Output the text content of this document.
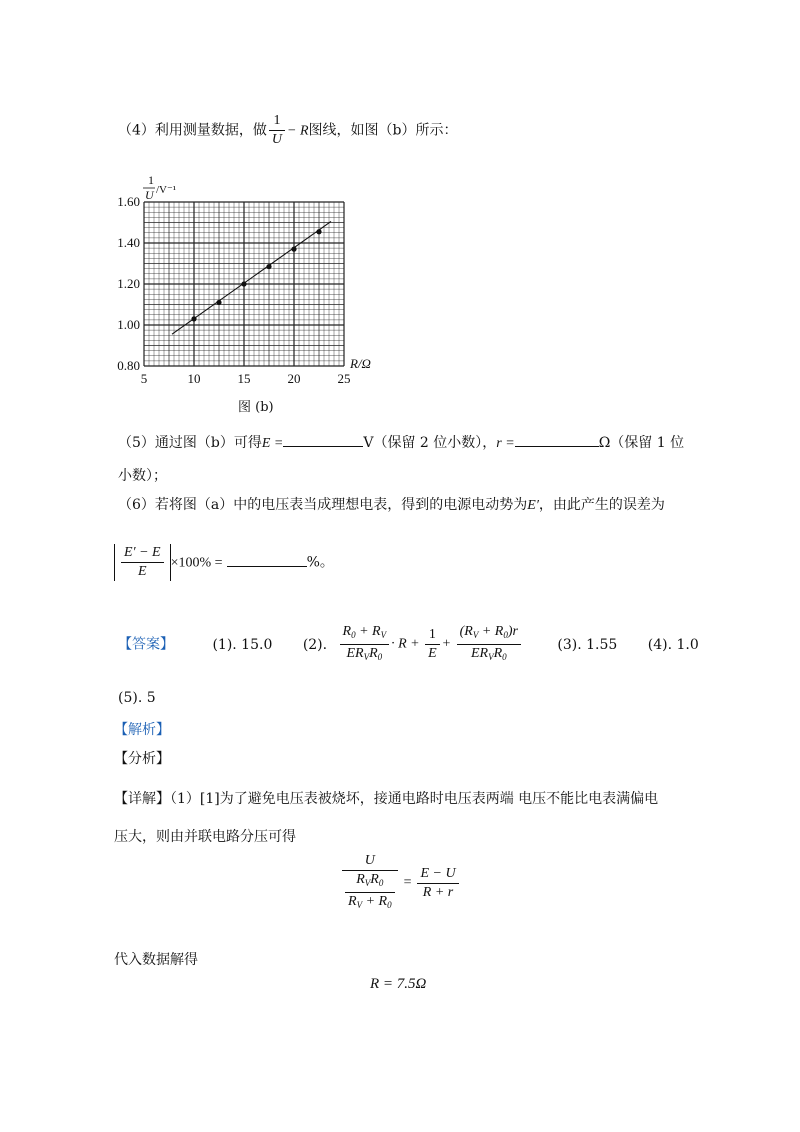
（4）利用测量数据，做 $\frac{1}{U} - R$图线，如图（b）所示：
5	10	15	20	25
0.80
1.00
1.20
1.40
1.60
R/Ω
1
U /V⁻¹
图 (b)
（5）通过图（b）可得E =	V（保留 2 位小数），r =	Ω（保留 1 位
小数）；
（6）若将图（a）中的电压表当成理想电表，得到的电源电动势为E′，由此产生的误差为
$\frac{E' - E}{E} \times 100\%$ =	%。
【答案】	(1). 15.0 (2). $\frac{R_0 + R_V}{ER_VR_0} \cdot R + \frac{1}{E} + \frac{(R_V + R_0)r}{ER_VR_0}$	(3). 1.55 (4). 1.0
(5). 5
【解析】
【分析】
【详解】（1）[1]为了避免电压表被烧坏，接通电路时电压表两端 电压不能比电表满偏电
压大，则由并联电路分压可得
$\frac{U}{\frac{R_VR_0}{R_V + R_0}} = \frac{E - U}{R + r}$
代入数据解得
R = 7.5Ω
